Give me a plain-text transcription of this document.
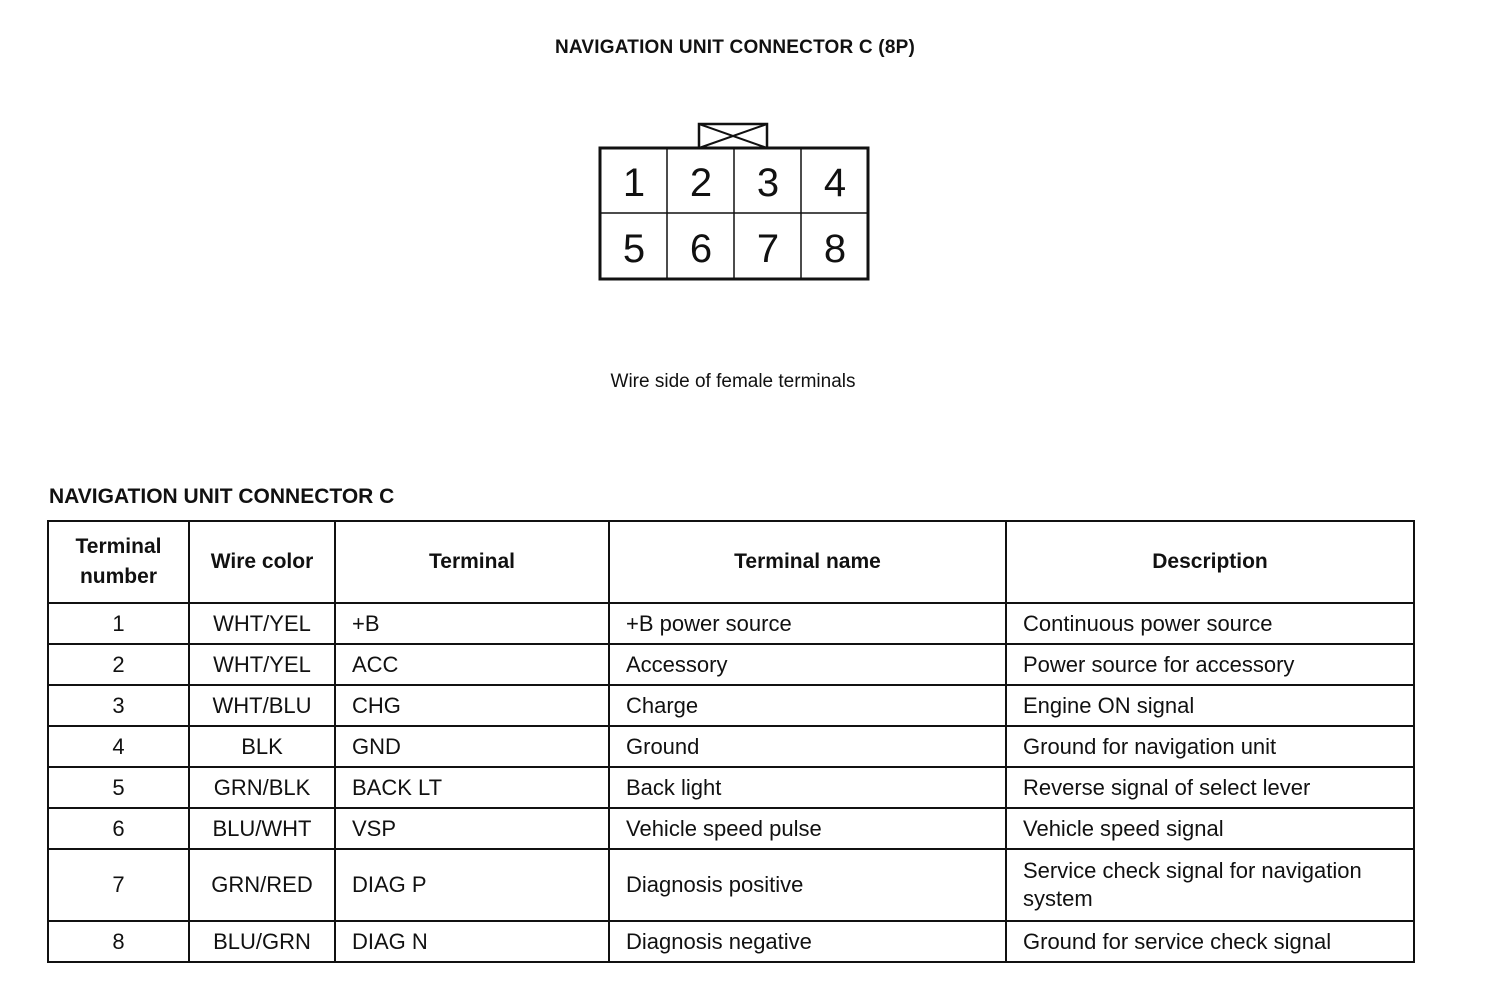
NAVIGATION UNIT CONNECTOR C (8P)
1 2 3 4
5 6 7 8
Wire side of female terminals
NAVIGATION UNIT CONNECTOR C
Terminal
number	Wire color	Terminal	Terminal name	Description
1	WHT/YEL	+B	+B power source	Continuous power source
2	WHT/YEL	ACC	Accessory	Power source for accessory
3	WHT/BLU	CHG	Charge	Engine ON signal
4	BLK	GND	Ground	Ground for navigation unit
5	GRN/BLK	BACK LT	Back light	Reverse signal of select lever
6	BLU/WHT	VSP	Vehicle speed pulse	Vehicle speed signal
7	GRN/RED	DIAG P	Diagnosis positive	Service check signal for navigation system
8	BLU/GRN	DIAG N	Diagnosis negative	Ground for service check signal
